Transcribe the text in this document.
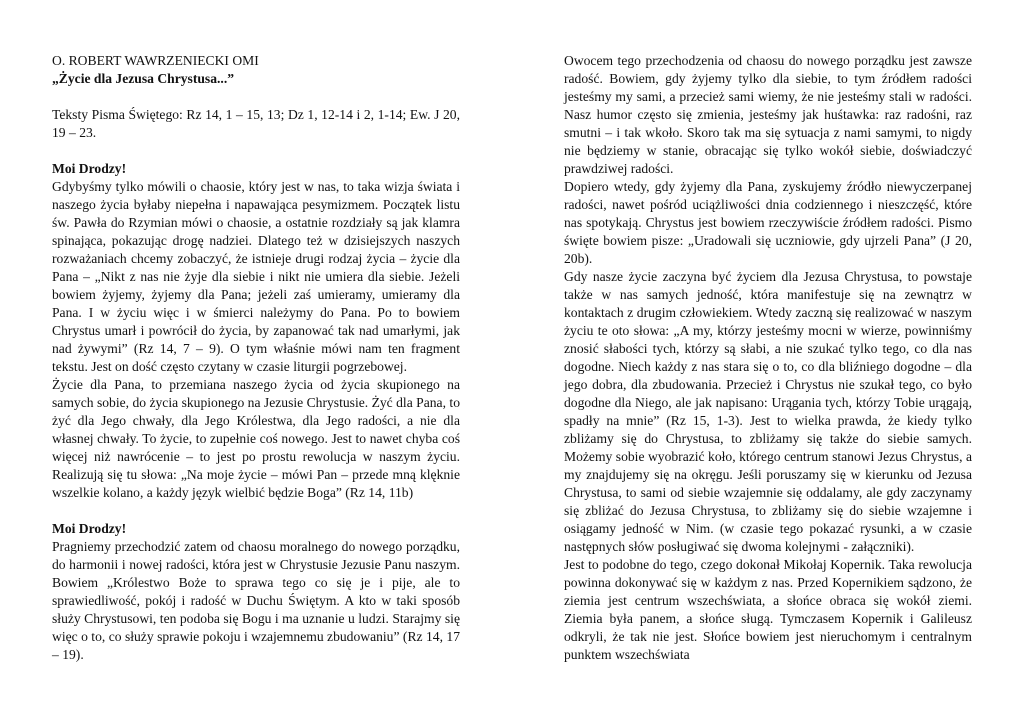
O. ROBERT WAWRZENIECKI OMI

„Życie dla Jezusa Chrystusa...”

Teksty Pisma Świętego: Rz 14, 1 – 15, 13; Dz 1, 12-14 i 2, 1-14; Ew. J 20, 19 – 23.

Moi Drodzy!

Gdybyśmy tylko mówili o chaosie, który jest w nas, to taka wizja świata i naszego życia byłaby niepełna i napawająca pesymizmem. Początek listu św. Pawła do Rzymian mówi o chaosie, a ostatnie rozdziały są jak klamra spinająca, pokazując drogę nadziei. Dlatego też w dzisiejszych naszych rozważaniach chcemy zobaczyć, że istnieje drugi rodzaj życia – życie dla Pana – „Nikt z nas nie żyje dla siebie i nikt nie umiera dla siebie. Jeżeli bowiem żyjemy, żyjemy dla Pana; jeżeli zaś umieramy, umieramy dla Pana. I w życiu więc i w śmierci należymy do Pana. Po to bowiem Chrystus umarł i powrócił do życia, by zapanować tak nad umarłymi, jak nad żywymi” (Rz 14, 7 – 9). O tym właśnie mówi nam ten fragment tekstu. Jest on dość często czytany w czasie liturgii pogrzebowej.

Życie dla Pana, to przemiana naszego życia od życia skupionego na samych sobie, do życia skupionego na Jezusie Chrystusie. Żyć dla Pana, to żyć dla Jego chwały, dla Jego Królestwa, dla Jego radości, a nie dla własnej chwały. To życie, to zupełnie coś nowego. Jest to nawet chyba coś więcej niż nawrócenie – to jest po prostu rewolucja w naszym życiu. Realizują się tu słowa: „Na moje życie – mówi Pan – przede mną klęknie wszelkie kolano, a każdy język wielbić będzie Boga” (Rz 14, 11b)

Moi Drodzy!

Pragniemy przechodzić zatem od chaosu moralnego do nowego porządku, do harmonii i nowej radości, która jest w Chrystusie Jezusie Panu naszym. Bowiem „Królestwo Boże to sprawa tego co się je i pije, ale to sprawiedliwość, pokój i radość w Duchu Świętym. A kto w taki sposób służy Chrystusowi, ten podoba się Bogu i ma uznanie u ludzi. Starajmy się więc o to, co służy sprawie pokoju i wzajemnemu zbudowaniu” (Rz 14, 17 – 19).

Owocem tego przechodzenia od chaosu do nowego porządku jest zawsze radość. Bowiem, gdy żyjemy tylko dla siebie, to tym źródłem radości jesteśmy my sami, a przecież sami wiemy, że nie jesteśmy stali w radości. Nasz humor często się zmienia, jesteśmy jak huśtawka: raz radośni, raz smutni – i tak wkoło. Skoro tak ma się sytuacja z nami samymi, to nigdy nie będziemy w stanie, obracając się tylko wokół siebie, doświadczyć prawdziwej radości.

Dopiero wtedy, gdy żyjemy dla Pana, zyskujemy źródło niewyczerpanej radości, nawet pośród uciążliwości dnia codziennego i nieszczęść, które nas spotykają. Chrystus jest bowiem rzeczywiście źródłem radości. Pismo święte bowiem pisze: „Uradowali się uczniowie, gdy ujrzeli Pana” (J 20, 20b).

Gdy nasze życie zaczyna być życiem dla Jezusa Chrystusa, to powstaje także w nas samych jedność, która manifestuje się na zewnątrz w kontaktach z drugim człowiekiem. Wtedy zaczną się realizować w naszym życiu te oto słowa: „A my, którzy jesteśmy mocni w wierze, powinniśmy znosić słabości tych, którzy są słabi, a nie szukać tylko tego, co dla nas dogodne. Niech każdy z nas stara się o to, co dla bliźniego dogodne – dla jego dobra, dla zbudowania. Przecież i Chrystus nie szukał tego, co było dogodne dla Niego, ale jak napisano: Urągania tych, którzy Tobie urągają, spadły na mnie” (Rz 15, 1-3). Jest to wielka prawda, że kiedy tylko zbliżamy się do Chrystusa, to zbliżamy się także do siebie samych. Możemy sobie wyobrazić koło, którego centrum stanowi Jezus Chrystus, a my znajdujemy się na okręgu. Jeśli poruszamy się w kierunku od Jezusa Chrystusa, to sami od siebie wzajemnie się oddalamy, ale gdy zaczynamy się zbliżać do Jezusa Chrystusa, to zbliżamy się do siebie wzajemne i osiągamy jedność w Nim. (w czasie tego pokazać rysunki, a w czasie następnych słów posługiwać się dwoma kolejnymi - załączniki).

Jest to podobne do tego, czego dokonał Mikołaj Kopernik. Taka rewolucja powinna dokonywać się w każdym z nas. Przed Kopernikiem sądzono, że ziemia jest centrum wszechświata, a słońce obraca się wokół ziemi. Ziemia była panem, a słońce sługą. Tymczasem Kopernik i Galileusz odkryli, że tak nie jest. Słońce bowiem jest nieruchomym i centralnym punktem wszechświata
